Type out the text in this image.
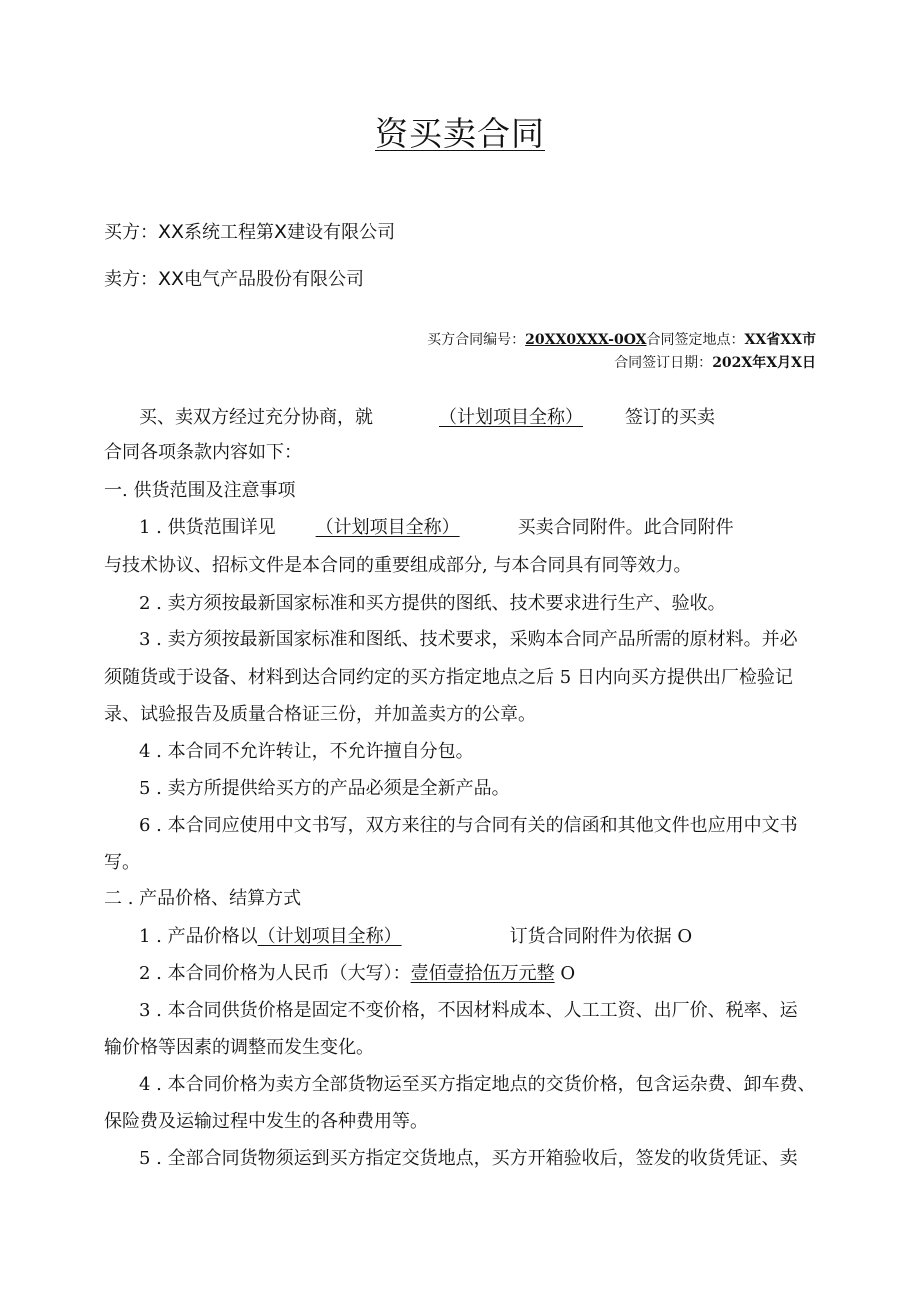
资买卖合同
买方：XX系统工程第X建设有限公司
卖方：XX电气产品股份有限公司
买方合同编号：20XX0XXX-0OX合同签定地点：XX省XX市
合同签订日期：202X年X月X日
买、卖双方经过充分协商，就	（计划项目全称） 签订的买卖
合同各项条款内容如下：
一. 供货范围及注意事项
1 . 供货范围详见 （计划项目全称）	买卖合同附件。此合同附件
与技术协议、招标文件是本合同的重要组成部分, 与本合同具有同等效力。
2 . 卖方须按最新国家标准和买方提供的图纸、技术要求进行生产、验收。
3 . 卖方须按最新国家标准和图纸、技术要求，采购本合同产品所需的原材料。并必
须随货或于设备、材料到达合同约定的买方指定地点之后 5 日内向买方提供出厂检验记
录、试验报告及质量合格证三份，并加盖卖方的公章。
4 . 本合同不允许转让，不允许擅自分包。
5 . 卖方所提供给买方的产品必须是全新产品。
6 . 本合同应使用中文书写，双方来往的与合同有关的信函和其他文件也应用中文书
写。
二 . 产品价格、结算方式
1 . 产品价格以（计划项目全称）	订货合同附件为依据 O
2 . 本合同价格为人民币（大写）：壹佰壹拾伍万元整 O
3 . 本合同供货价格是固定不变价格，不因材料成本、人工工资、出厂价、税率、运
输价格等因素的调整而发生变化。
4 . 本合同价格为卖方全部货物运至买方指定地点的交货价格，包含运杂费、卸车费、
保险费及运输过程中发生的各种费用等。
5 . 全部合同货物须运到买方指定交货地点，买方开箱验收后，签发的收货凭证、卖
